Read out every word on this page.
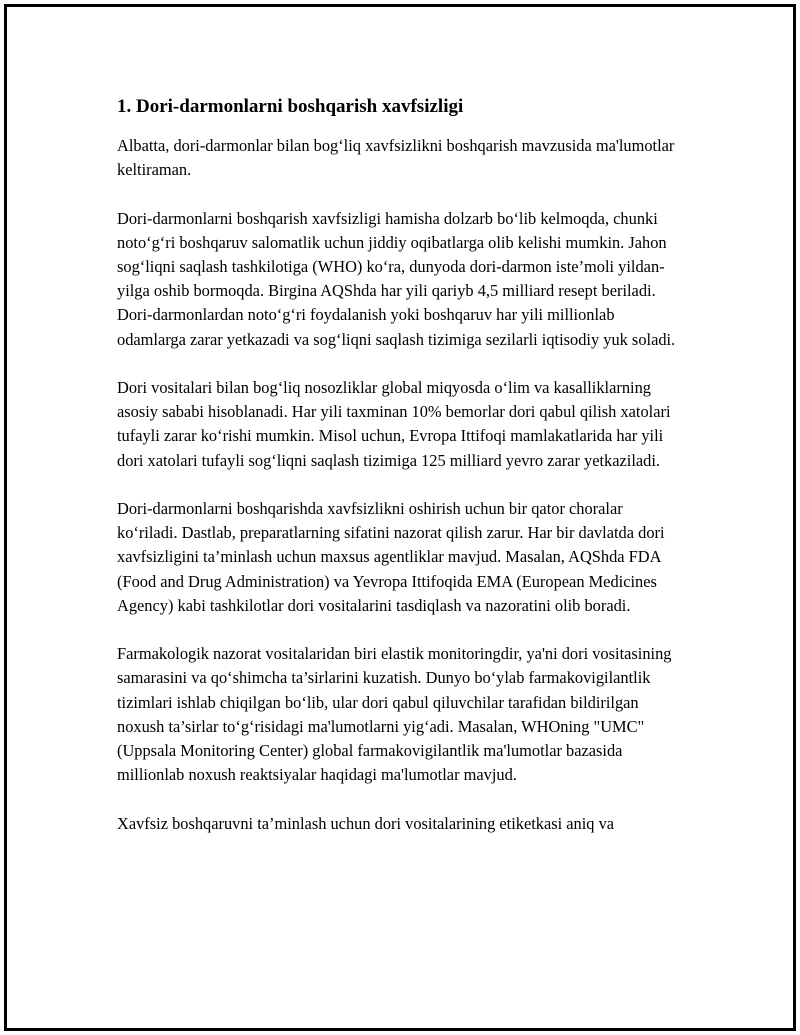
1. Dori-darmonlarni boshqarish xavfsizligi

Albatta, dori-darmonlar bilan bog‘liq xavfsizlikni boshqarish mavzusida ma'lumotlar keltiraman.

Dori-darmonlarni boshqarish xavfsizligi hamisha dolzarb bo‘lib kelmoqda, chunki noto‘g‘ri boshqaruv salomatlik uchun jiddiy oqibatlarga olib kelishi mumkin. Jahon sog‘liqni saqlash tashkilotiga (WHO) ko‘ra, dunyoda dori-darmon iste’moli yildan-yilga oshib bormoqda. Birgina AQShda har yili qariyb 4,5 milliard resept beriladi. Dori-darmonlardan noto‘g‘ri foydalanish yoki boshqaruv har yili millionlab odamlarga zarar yetkazadi va sog‘liqni saqlash tizimiga sezilarli iqtisodiy yuk soladi.

Dori vositalari bilan bog‘liq nosozliklar global miqyosda o‘lim va kasalliklarning asosiy sababi hisoblanadi. Har yili taxminan 10% bemorlar dori qabul qilish xatolari tufayli zarar ko‘rishi mumkin. Misol uchun, Evropa Ittifoqi mamlakatlarida har yili dori xatolari tufayli sog‘liqni saqlash tizimiga 125 milliard yevro zarar yetkaziladi.

Dori-darmonlarni boshqarishda xavfsizlikni oshirish uchun bir qator choralar ko‘riladi. Dastlab, preparatlarning sifatini nazorat qilish zarur. Har bir davlatda dori xavfsizligini ta’minlash uchun maxsus agentliklar mavjud. Masalan, AQShda FDA (Food and Drug Administration) va Yevropa Ittifoqida EMA (European Medicines Agency) kabi tashkilotlar dori vositalarini tasdiqlash va nazoratini olib boradi.

Farmakologik nazorat vositalaridan biri elastik monitoringdir, ya'ni dori vositasining samarasini va qo‘shimcha ta’sirlarini kuzatish. Dunyo bo‘ylab farmakovigilantlik tizimlari ishlab chiqilgan bo‘lib, ular dori qabul qiluvchilar tarafidan bildirilgan noxush ta’sirlar to‘g‘risidagi ma'lumotlarni yig‘adi. Masalan, WHOning "UMC" (Uppsala Monitoring Center) global farmakovigilantlik ma'lumotlar bazasida millionlab noxush reaktsiyalar haqidagi ma'lumotlar mavjud.

Xavfsiz boshqaruvni ta’minlash uchun dori vositalarining etiketkasi aniq va
